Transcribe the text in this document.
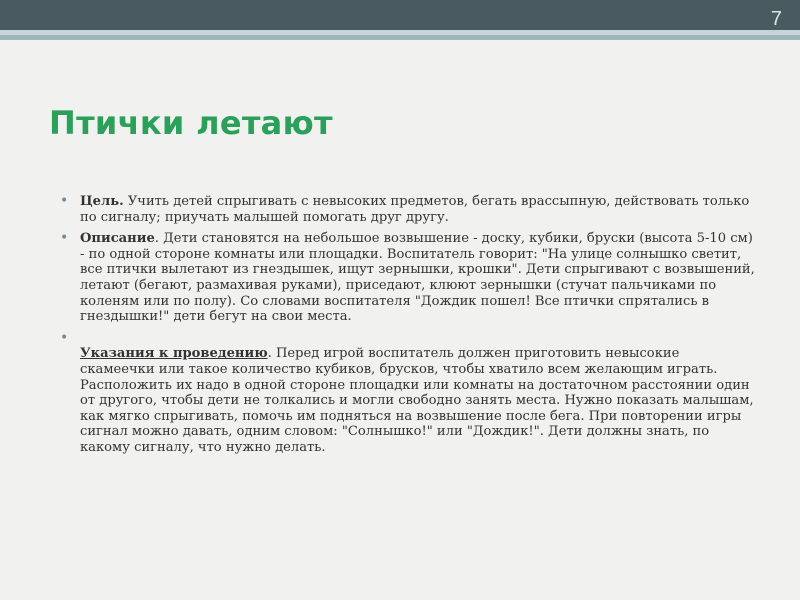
7
Птички летают
• Цель. Учить детей спрыгивать с невысоких предметов, бегать врассыпную, действовать только по сигналу; приучать малышей помогать друг другу.
• Описание. Дети становятся на небольшое возвышение - доску, кубики, бруски (высота 5-10 см) - по одной стороне комнаты или площадки. Воспитатель говорит: "На улице солнышко светит, все птички вылетают из гнездышек, ищут зернышки, крошки". Дети спрыгивают с возвышений, летают (бегают, размахивая руками), приседают, клюют зернышки (стучат пальчиками по коленям или по полу). Со словами воспитателя "Дождик пошел! Все птички спрятались в гнездышки!" дети бегут на свои места.
•
Указания к проведению. Перед игрой воспитатель должен приготовить невысокие скамеечки или такое количество кубиков, брусков, чтобы хватило всем желающим играть. Расположить их надо в одной стороне площадки или комнаты на достаточном расстоянии один от другого, чтобы дети не толкались и могли свободно занять места. Нужно показать малышам, как мягко спрыгивать, помочь им подняться на возвышение после бега. При повторении игры сигнал можно давать, одним словом: "Солнышко!" или "Дождик!". Дети должны знать, по какому сигналу, что нужно делать.
